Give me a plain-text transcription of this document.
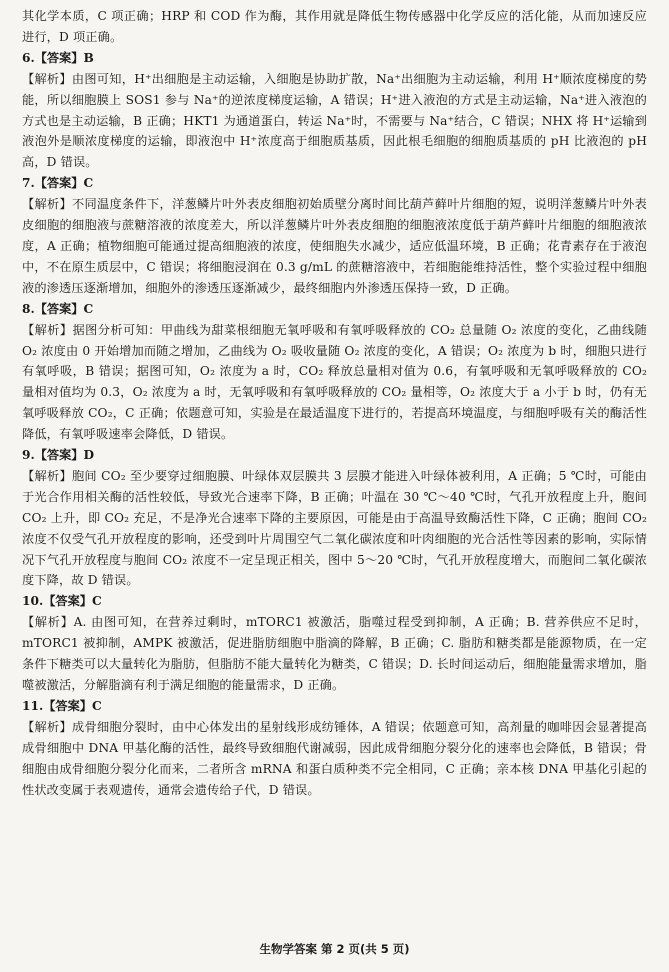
其化学本质，C 项正确；HRP 和 COD 作为酶，其作用就是降低生物传感器中化学反应的活化能，从而加速反应进行，D 项正确。

6.【答案】B

【解析】由图可知，H⁺出细胞是主动运输，入细胞是协助扩散，Na⁺出细胞为主动运输，利用 H⁺顺浓度梯度的势能，所以细胞膜上 SOS1 参与 Na⁺的逆浓度梯度运输，A 错误；H⁺进入液泡的方式是主动运输，Na⁺进入液泡的方式也是主动运输，B 正确；HKT1 为通道蛋白，转运 Na⁺时，不需要与 Na⁺结合，C 错误；NHX 将 H⁺运输到液泡外是顺浓度梯度的运输，即液泡中 H⁺浓度高于细胞质基质，因此根毛细胞的细胞质基质的 pH 比液泡的 pH 高，D 错误。

7.【答案】C

【解析】不同温度条件下，洋葱鳞片叶外表皮细胞初始质壁分离时间比葫芦藓叶片细胞的短，说明洋葱鳞片叶外表皮细胞的细胞液与蔗糖溶液的浓度差大，所以洋葱鳞片叶外表皮细胞的细胞液浓度低于葫芦藓叶片细胞的细胞液浓度，A 正确；植物细胞可能通过提高细胞液的浓度，使细胞失水减少，适应低温环境，B 正确；花青素存在于液泡中，不在原生质层中，C 错误；将细胞浸润在 0.3 g/mL 的蔗糖溶液中，若细胞能维持活性，整个实验过程中细胞液的渗透压逐渐增加，细胞外的渗透压逐渐减少，最终细胞内外渗透压保持一致，D 正确。

8.【答案】C

【解析】据图分析可知：甲曲线为甜菜根细胞无氧呼吸和有氧呼吸释放的 CO₂ 总量随 O₂ 浓度的变化，乙曲线随 O₂ 浓度由 0 开始增加而随之增加，乙曲线为 O₂ 吸收量随 O₂ 浓度的变化，A 错误；O₂ 浓度为 b 时，细胞只进行有氧呼吸，B 错误；据图可知，O₂ 浓度为 a 时，CO₂ 释放总量相对值为 0.6，有氧呼吸和无氧呼吸释放的 CO₂ 量相对值均为 0.3，O₂ 浓度为 a 时，无氧呼吸和有氧呼吸释放的 CO₂ 量相等，O₂ 浓度大于 a 小于 b 时，仍有无氧呼吸释放 CO₂，C 正确；依题意可知，实验是在最适温度下进行的，若提高环境温度，与细胞呼吸有关的酶活性降低，有氧呼吸速率会降低，D 错误。

9.【答案】D

【解析】胞间 CO₂ 至少要穿过细胞膜、叶绿体双层膜共 3 层膜才能进入叶绿体被利用，A 正确；5 ℃时，可能由于光合作用相关酶的活性较低，导致光合速率下降，B 正确；叶温在 30 ℃～40 ℃时，气孔开放程度上升，胞间 CO₂ 上升，即 CO₂ 充足，不是净光合速率下降的主要原因，可能是由于高温导致酶活性下降，C 正确；胞间 CO₂ 浓度不仅受气孔开放程度的影响，还受到叶片周围空气二氧化碳浓度和叶肉细胞的光合活性等因素的影响，实际情况下气孔开放程度与胞间 CO₂ 浓度不一定呈现正相关，图中 5～20 ℃时，气孔开放程度增大，而胞间二氧化碳浓度下降，故 D 错误。

10.【答案】C

【解析】A. 由图可知，在营养过剩时，mTORC1 被激活，脂噬过程受到抑制，A 正确；B. 营养供应不足时，mTORC1 被抑制，AMPK 被激活，促进脂肪细胞中脂滴的降解，B 正确；C. 脂肪和糖类都是能源物质，在一定条件下糖类可以大量转化为脂肪，但脂肪不能大量转化为糖类，C 错误；D. 长时间运动后，细胞能量需求增加，脂噬被激活，分解脂滴有利于满足细胞的能量需求，D 正确。

11.【答案】C

【解析】成骨细胞分裂时，由中心体发出的星射线形成纺锤体，A 错误；依题意可知，高剂量的咖啡因会显著提高成骨细胞中 DNA 甲基化酶的活性，最终导致细胞代谢减弱，因此成骨细胞分裂分化的速率也会降低，B 错误；骨细胞由成骨细胞分裂分化而来，二者所含 mRNA 和蛋白质种类不完全相同，C 正确；亲本核 DNA 甲基化引起的性状改变属于表观遗传，通常会遗传给子代，D 错误。

生物学答案 第 2 页(共 5 页)
